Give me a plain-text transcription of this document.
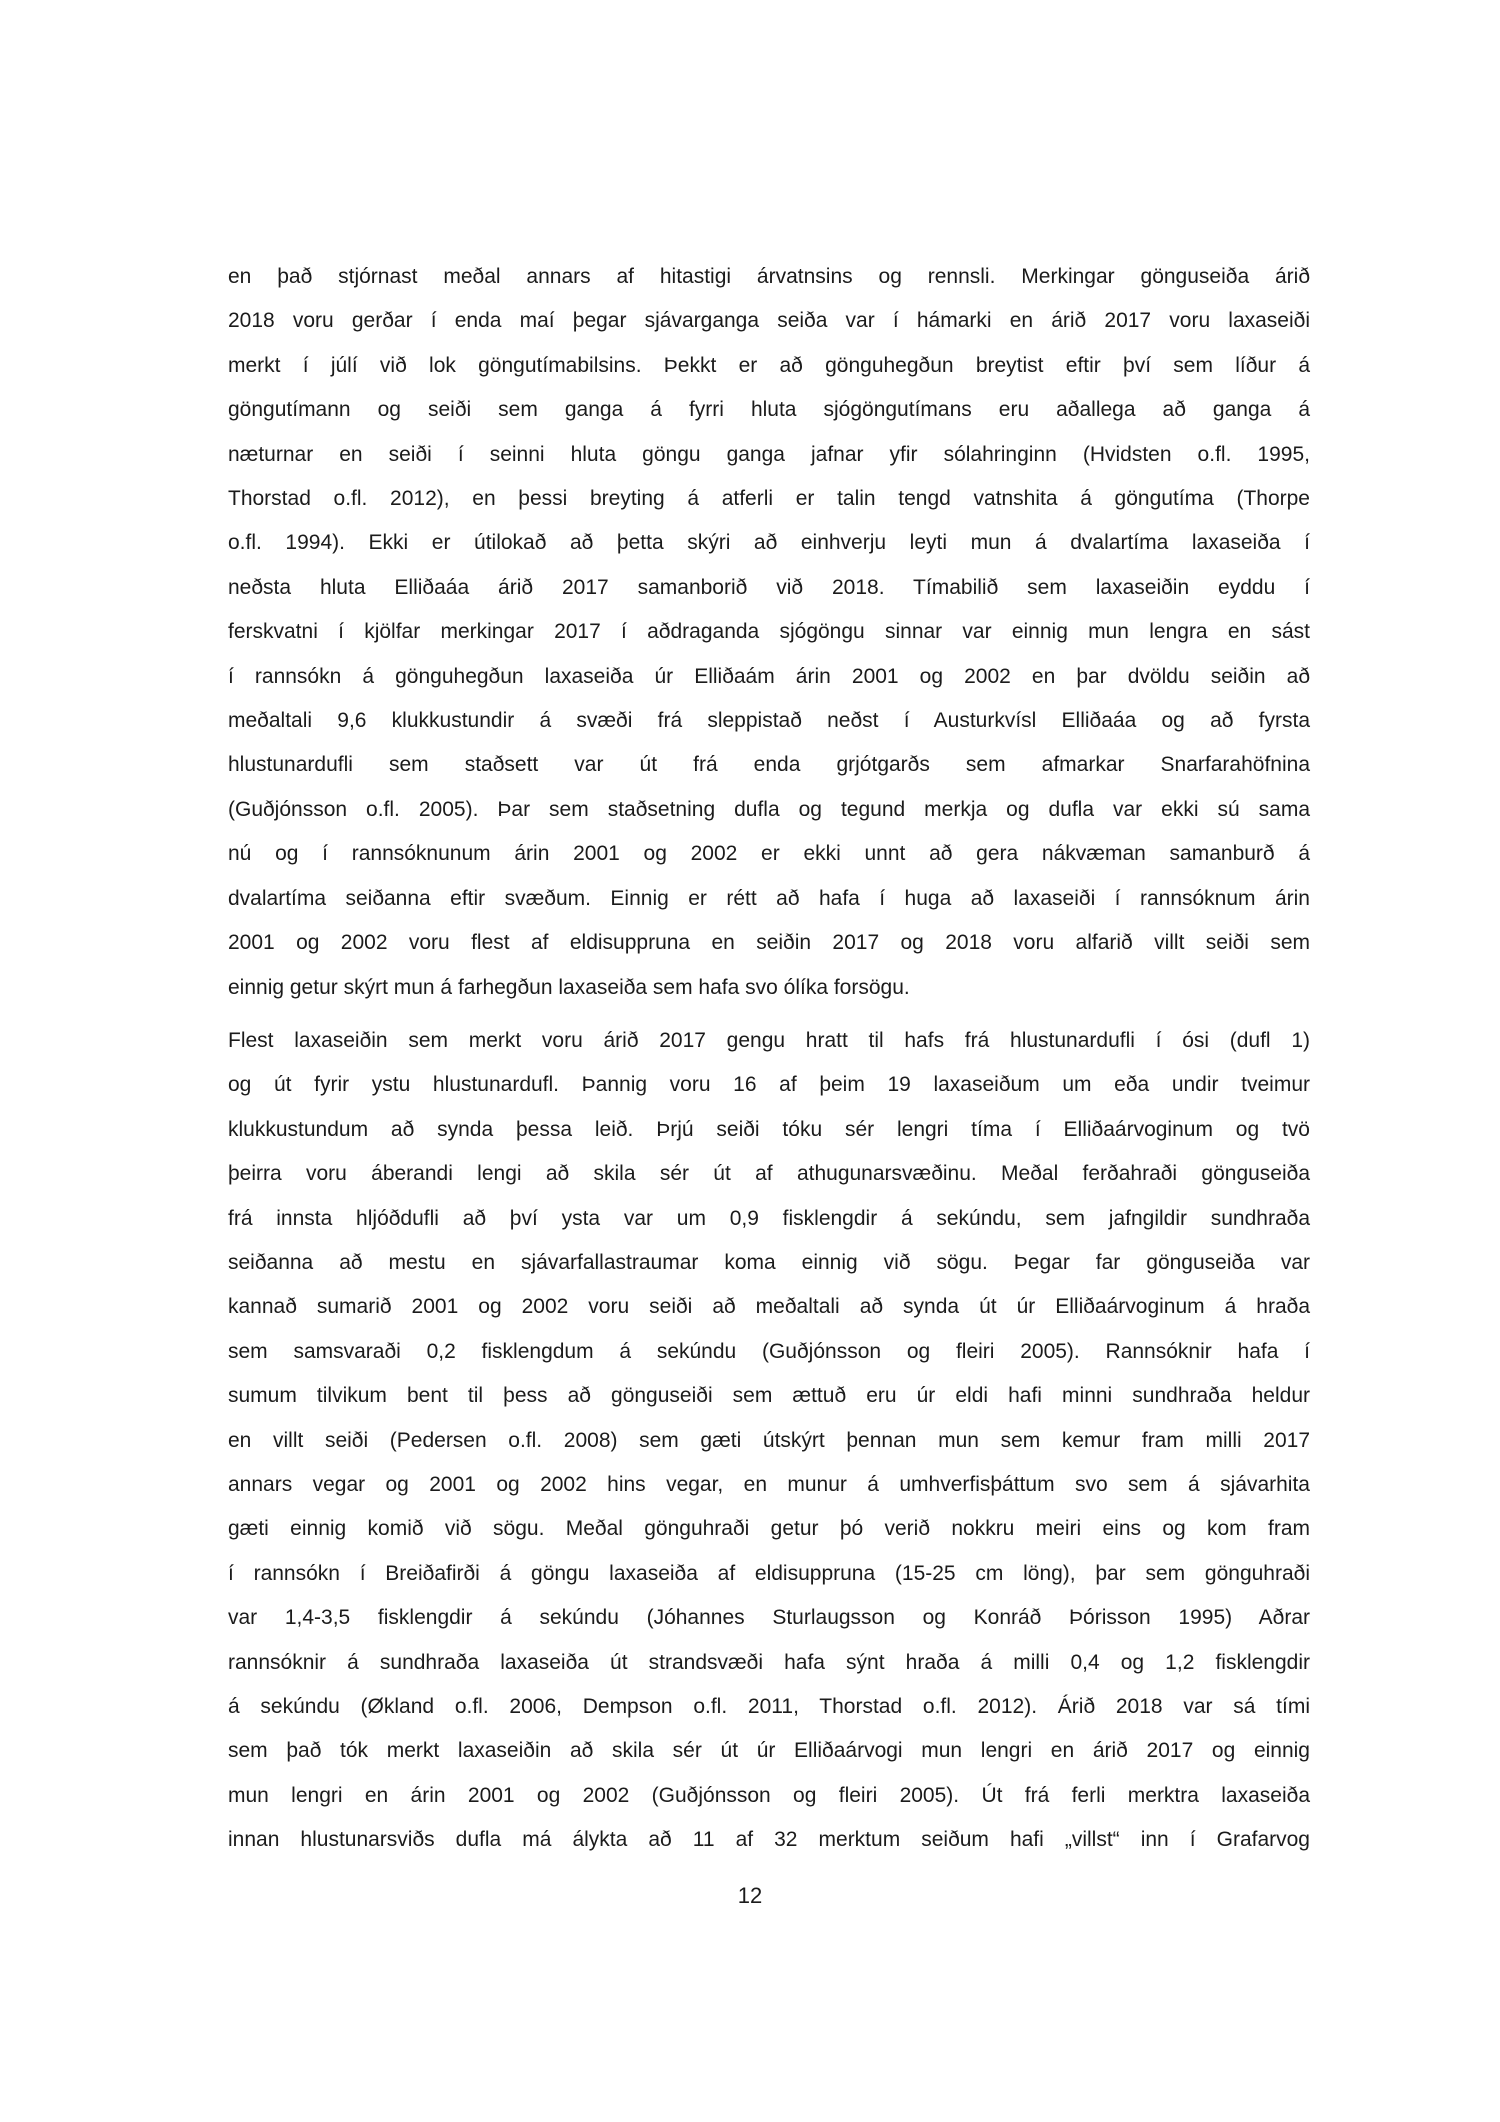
en það stjórnast meðal annars af hitastigi árvatnsins og rennsli. Merkingar gönguseiða árið
2018 voru gerðar í enda maí þegar sjávarganga seiða var í hámarki en árið 2017 voru laxaseiði
merkt í júlí við lok göngutímabilsins. Þekkt er að gönguhegðun breytist eftir því sem líður á
göngutímann og seiði sem ganga á fyrri hluta sjógöngutímans eru aðallega að ganga á
næturnar en seiði í seinni hluta göngu ganga jafnar yfir sólahringinn (Hvidsten o.fl. 1995,
Thorstad o.fl. 2012), en þessi breyting á atferli er talin tengd vatnshita á göngutíma (Thorpe
o.fl. 1994). Ekki er útilokað að þetta skýri að einhverju leyti mun á dvalartíma laxaseiða í
neðsta hluta Elliðaáa árið 2017 samanborið við 2018. Tímabilið sem laxaseiðin eyddu í
ferskvatni í kjölfar merkingar 2017 í aðdraganda sjógöngu sinnar var einnig mun lengra en sást
í rannsókn á gönguhegðun laxaseiða úr Elliðaám árin 2001 og 2002 en þar dvöldu seiðin að
meðaltali 9,6 klukkustundir á svæði frá sleppistað neðst í Austurkvísl Elliðaáa og að fyrsta
hlustunardufli sem staðsett var út frá enda grjótgarðs sem afmarkar Snarfarahöfnina
(Guðjónsson o.fl. 2005). Þar sem staðsetning dufla og tegund merkja og dufla var ekki sú sama
nú og í rannsóknunum árin 2001 og 2002 er ekki unnt að gera nákvæman samanburð á
dvalartíma seiðanna eftir svæðum. Einnig er rétt að hafa í huga að laxaseiði í rannsóknum árin
2001 og 2002 voru flest af eldisuppruna en seiðin 2017 og 2018 voru alfarið villt seiði sem
einnig getur skýrt mun á farhegðun laxaseiða sem hafa svo ólíka forsögu.

Flest laxaseiðin sem merkt voru árið 2017 gengu hratt til hafs frá hlustunardufli í ósi (dufl 1)
og út fyrir ystu hlustunardufl. Þannig voru 16 af þeim 19 laxaseiðum um eða undir tveimur
klukkustundum að synda þessa leið. Þrjú seiði tóku sér lengri tíma í Elliðaárvoginum og tvö
þeirra voru áberandi lengi að skila sér út af athugunarsvæðinu. Meðal ferðahraði gönguseiða
frá innsta hljóðdufli að því ysta var um 0,9 fisklengdir á sekúndu, sem jafngildir sundhraða
seiðanna að mestu en sjávarfallastraumar koma einnig við sögu. Þegar far gönguseiða var
kannað sumarið 2001 og 2002 voru seiði að meðaltali að synda út úr Elliðaárvoginum á hraða
sem samsvaraði 0,2 fisklengdum á sekúndu (Guðjónsson og fleiri 2005). Rannsóknir hafa í
sumum tilvikum bent til þess að gönguseiði sem ættuð eru úr eldi hafi minni sundhraða heldur
en villt seiði (Pedersen o.fl. 2008) sem gæti útskýrt þennan mun sem kemur fram milli 2017
annars vegar og 2001 og 2002 hins vegar, en munur á umhverfisþáttum svo sem á sjávarhita
gæti einnig komið við sögu. Meðal gönguhraði getur þó verið nokkru meiri eins og kom fram
í rannsókn í Breiðafirði á göngu laxaseiða af eldisuppruna (15-25 cm löng), þar sem gönguhraði
var 1,4-3,5 fisklengdir á sekúndu (Jóhannes Sturlaugsson og Konráð Þórisson 1995) Aðrar
rannsóknir á sundhraða laxaseiða út strandsvæði hafa sýnt hraða á milli 0,4 og 1,2 fisklengdir
á sekúndu (Økland o.fl. 2006, Dempson o.fl. 2011, Thorstad o.fl. 2012). Árið 2018 var sá tími
sem það tók merkt laxaseiðin að skila sér út úr Elliðaárvogi mun lengri en árið 2017 og einnig
mun lengri en árin 2001 og 2002 (Guðjónsson og fleiri 2005). Út frá ferli merktra laxaseiða
innan hlustunarsviðs dufla má álykta að 11 af 32 merktum seiðum hafi „villst“ inn í Grafarvog

12
